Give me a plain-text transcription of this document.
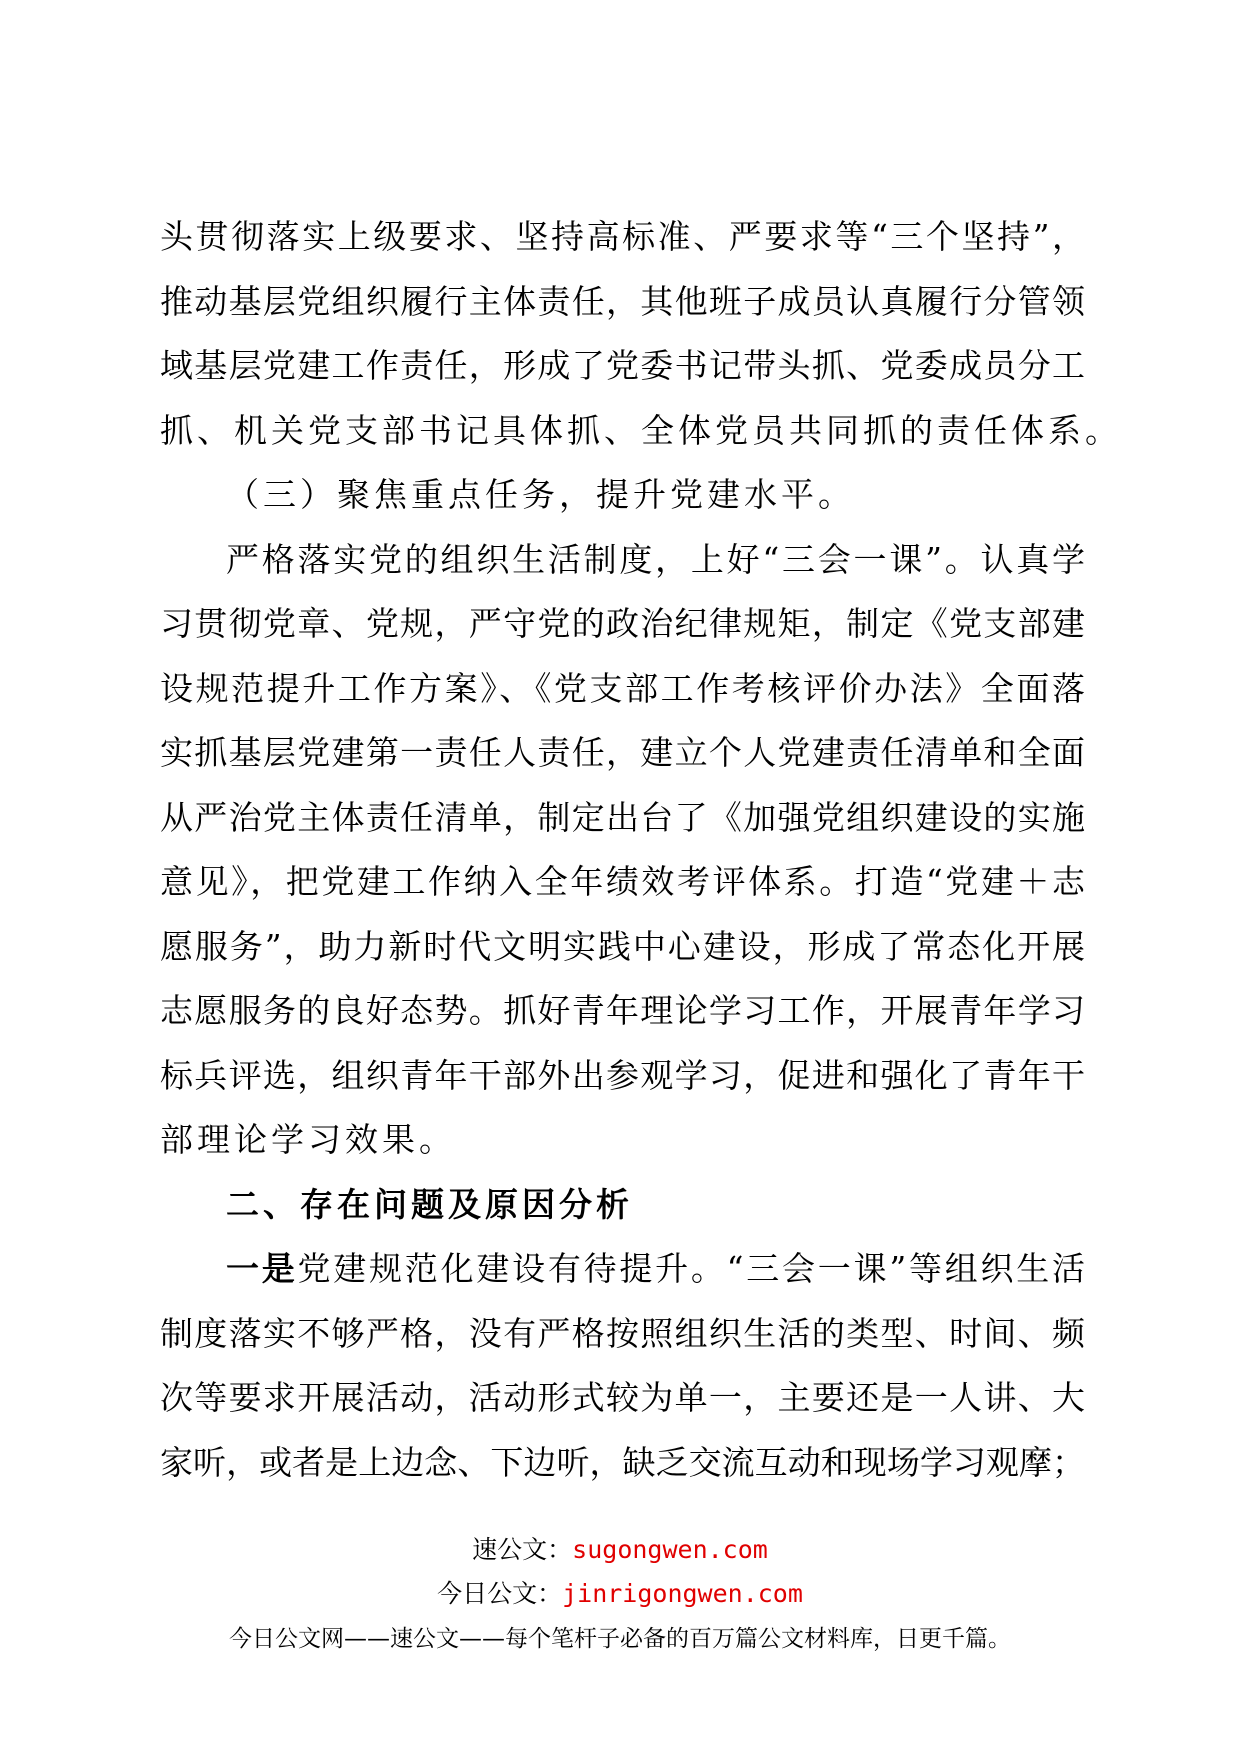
头贯彻落实上级要求、坚持高标准、严要求等“三个坚持”，
推动基层党组织履行主体责任，其他班子成员认真履行分管领
域基层党建工作责任，形成了党委书记带头抓、党委成员分工
抓、机关党支部书记具体抓、全体党员共同抓的责任体系。
（三）聚焦重点任务，提升党建水平。
严格落实党的组织生活制度，上好“三会一课”。认真学
习贯彻党章、党规，严守党的政治纪律规矩，制定《党支部建
设规范提升工作方案》、《党支部工作考核评价办法》全面落
实抓基层党建第一责任人责任，建立个人党建责任清单和全面
从严治党主体责任清单，制定出台了《加强党组织建设的实施
意见》，把党建工作纳入全年绩效考评体系。打造“党建＋志
愿服务”，助力新时代文明实践中心建设，形成了常态化开展
志愿服务的良好态势。抓好青年理论学习工作，开展青年学习
标兵评选，组织青年干部外出参观学习，促进和强化了青年干
部理论学习效果。
二、存在问题及原因分析
一是党建规范化建设有待提升。“三会一课”等组织生活
制度落实不够严格，没有严格按照组织生活的类型、时间、频
次等要求开展活动，活动形式较为单一，主要还是一人讲、大
家听，或者是上边念、下边听，缺乏交流互动和现场学习观摩；
速公文：sugongwen.com
今日公文：jinrigongwen.com
今日公文网——速公文——每个笔杆子必备的百万篇公文材料库，日更千篇。
